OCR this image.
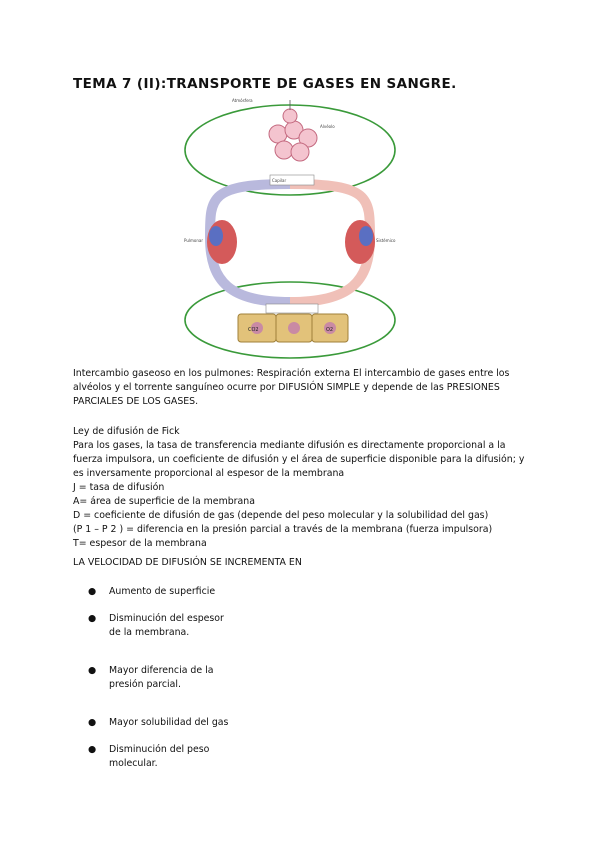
TEMA 7 (II):TRANSPORTE DE GASES EN SANGRE.
Atmósfera
Alvéolo
Pulmonar	Sistémico
Capilar
CO2	O2
Intercambio gaseoso en los pulmones: Respiración externa El intercambio de gases entre los alvéolos y el torrente sanguíneo ocurre por DIFUSIÓN SIMPLE y depende de las PRESIONES PARCIALES DE LOS GASES.
Ley de difusión de Fick
Para los gases, la tasa de transferencia mediante difusión es directamente proporcional a la fuerza impulsora, un coeficiente de difusión y el área de superficie disponible para la difusión; y es inversamente proporcional al espesor de la membrana
J = tasa de difusión
A= área de superficie de la membrana
D = coeficiente de difusión de gas (depende del peso molecular y la solubilidad del gas)
(P 1 – P 2 ) = diferencia en la presión parcial a través de la membrana (fuerza impulsora)
T= espesor de la membrana
LA VELOCIDAD DE DIFUSIÓN SE INCREMENTA EN
● Aumento de superficie
● Disminución del espesor
de la membrana.
● Mayor diferencia de la
presión parcial.
● Mayor solubilidad del gas
● Disminución del peso
molecular.
